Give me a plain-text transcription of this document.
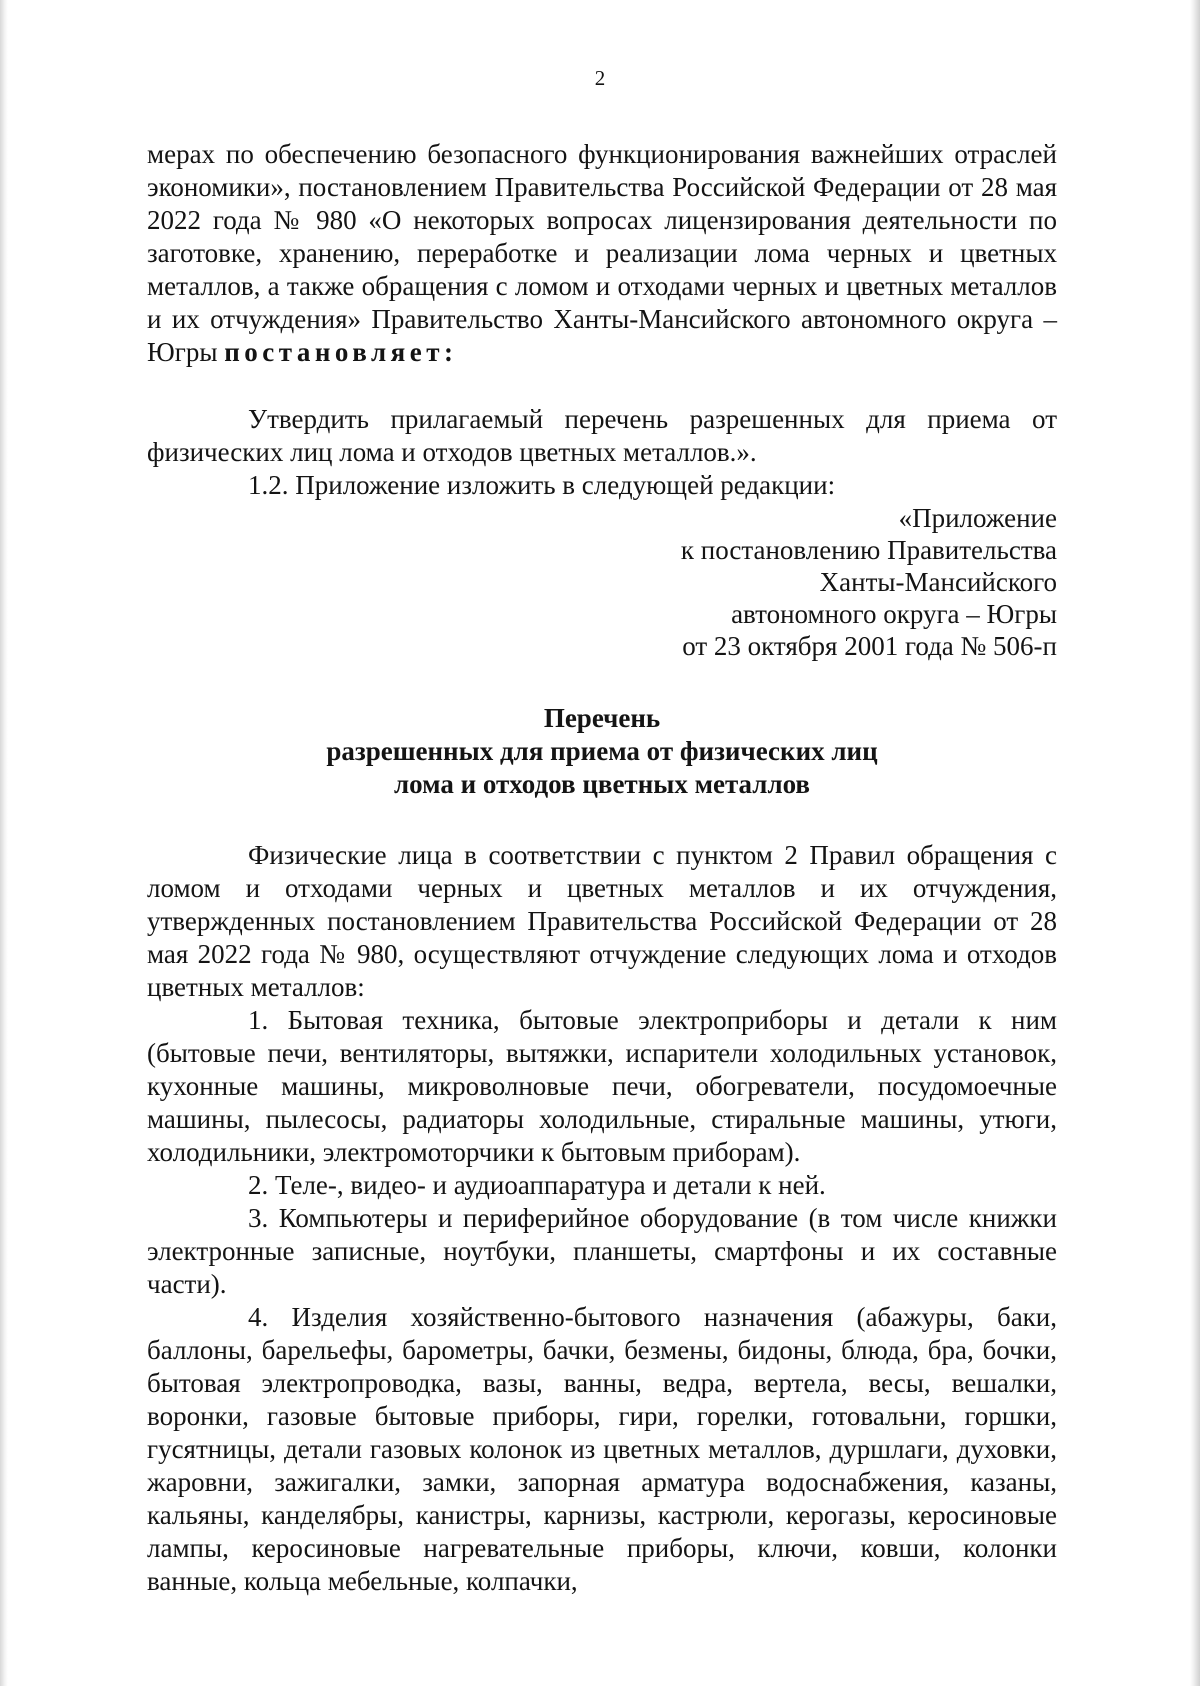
2

мерах по обеспечению безопасного функционирования важнейших отраслей экономики», постановлением Правительства Российской Федерации от 28 мая 2022 года № 980 «О некоторых вопросах лицензирования деятельности по заготовке, хранению, переработке и реализации лома черных и цветных металлов, а также обращения с ломом и отходами черных и цветных металлов и их отчуждения» Правительство Ханты-Мансийского автономного округа – Югры постановляет:

Утвердить прилагаемый перечень разрешенных для приема от физических лиц лома и отходов цветных металлов.».

1.2. Приложение изложить в следующей редакции:

«Приложение
к постановлению Правительства
Ханты-Мансийского
автономного округа – Югры
от 23 октября 2001 года № 506-п
Перечень
разрешенных для приема от физических лиц
лома и отходов цветных металлов

Физические лица в соответствии с пунктом 2 Правил обращения с ломом и отходами черных и цветных металлов и их отчуждения, утвержденных постановлением Правительства Российской Федерации от 28 мая 2022 года № 980, осуществляют отчуждение следующих лома и отходов цветных металлов:

1. Бытовая техника, бытовые электроприборы и детали к ним (бытовые печи, вентиляторы, вытяжки, испарители холодильных установок, кухонные машины, микроволновые печи, обогреватели, посудомоечные машины, пылесосы, радиаторы холодильные, стиральные машины, утюги, холодильники, электромоторчики к бытовым приборам).

2. Теле-, видео- и аудиоаппаратура и детали к ней.

3. Компьютеры и периферийное оборудование (в том числе книжки электронные записные, ноутбуки, планшеты, смартфоны и их составные части).

4. Изделия хозяйственно-бытового назначения (абажуры, баки, баллоны, барельефы, барометры, бачки, безмены, бидоны, блюда, бра, бочки, бытовая электропроводка, вазы, ванны, ведра, вертела, весы, вешалки, воронки, газовые бытовые приборы, гири, горелки, готовальни, горшки, гусятницы, детали газовых колонок из цветных металлов, дуршлаги, духовки, жаровни, зажигалки, замки, запорная арматура водоснабжения, казаны, кальяны, канделябры, канистры, карнизы, кастрюли, керогазы, керосиновые лампы, керосиновые нагревательные приборы, ключи, ковши, колонки ванные, кольца мебельные, колпачки,
